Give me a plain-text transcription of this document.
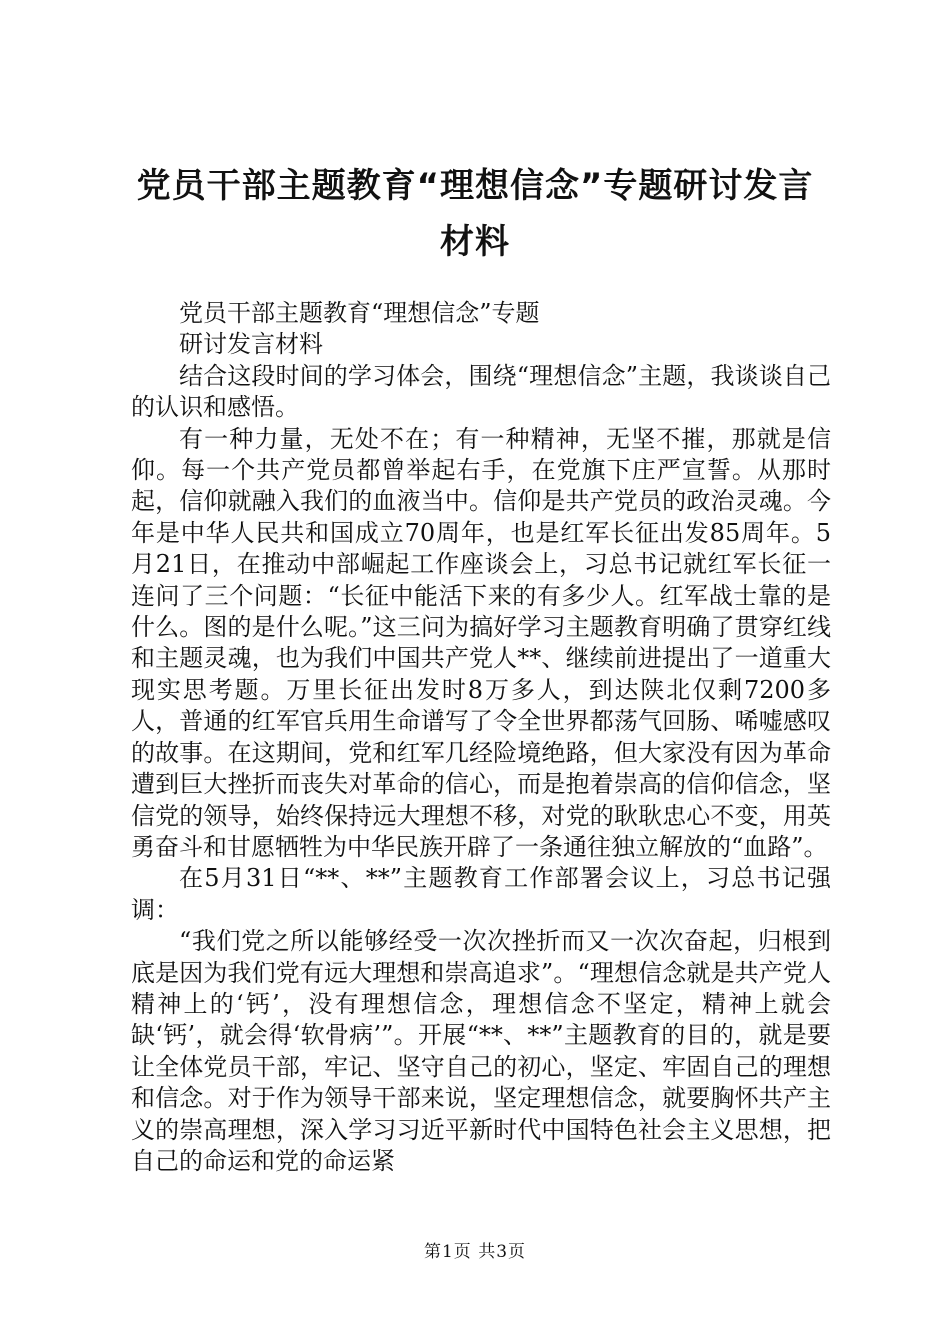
党员干部主题教育“理想信念”专题研讨发言
材料

党员干部主题教育“理想信念”专题

研讨发言材料

结合这段时间的学习体会，围绕“理想信念”主题，我谈谈自己的认识和感悟。

有一种力量，无处不在；有一种精神，无坚不摧，那就是信仰。每一个共产党员都曾举起右手，在党旗下庄严宣誓。从那时起，信仰就融入我们的血液当中。信仰是共产党员的政治灵魂。今年是中华人民共和国成立70周年，也是红军长征出发85周年。5月21日，在推动中部崛起工作座谈会上，习总书记就红军长征一连问了三个问题：“长征中能活下来的有多少人。红军战士靠的是什么。图的是什么呢。”这三问为搞好学习主题教育明确了贯穿红线和主题灵魂，也为我们中国共产党人**、继续前进提出了一道重大现实思考题。万里长征出发时8万多人，到达陕北仅剩7200多人，普通的红军官兵用生命谱写了令全世界都荡气回肠、唏嘘感叹的故事。在这期间，党和红军几经险境绝路，但大家没有因为革命遭到巨大挫折而丧失对革命的信心，而是抱着崇高的信仰信念，坚信党的领导，始终保持远大理想不移，对党的耿耿忠心不变，用英勇奋斗和甘愿牺牲为中华民族开辟了一条通往独立解放的“血路”。

在5月31日“**、**”主题教育工作部署会议上，习总书记强调：

“我们党之所以能够经受一次次挫折而又一次次奋起，归根到底是因为我们党有远大理想和崇高追求”。“理想信念就是共产党人精神上的‘钙’，没有理想信念，理想信念不坚定，精神上就会缺‘钙’，就会得‘软骨病’”。开展“**、**”主题教育的目的，就是要让全体党员干部，牢记、坚守自己的初心，坚定、牢固自己的理想和信念。对于作为领导干部来说，坚定理想信念，就要胸怀共产主义的崇高理想，深入学习习近平新时代中国特色社会主义思想，把自己的命运和党的命运紧

第1页 共3页
